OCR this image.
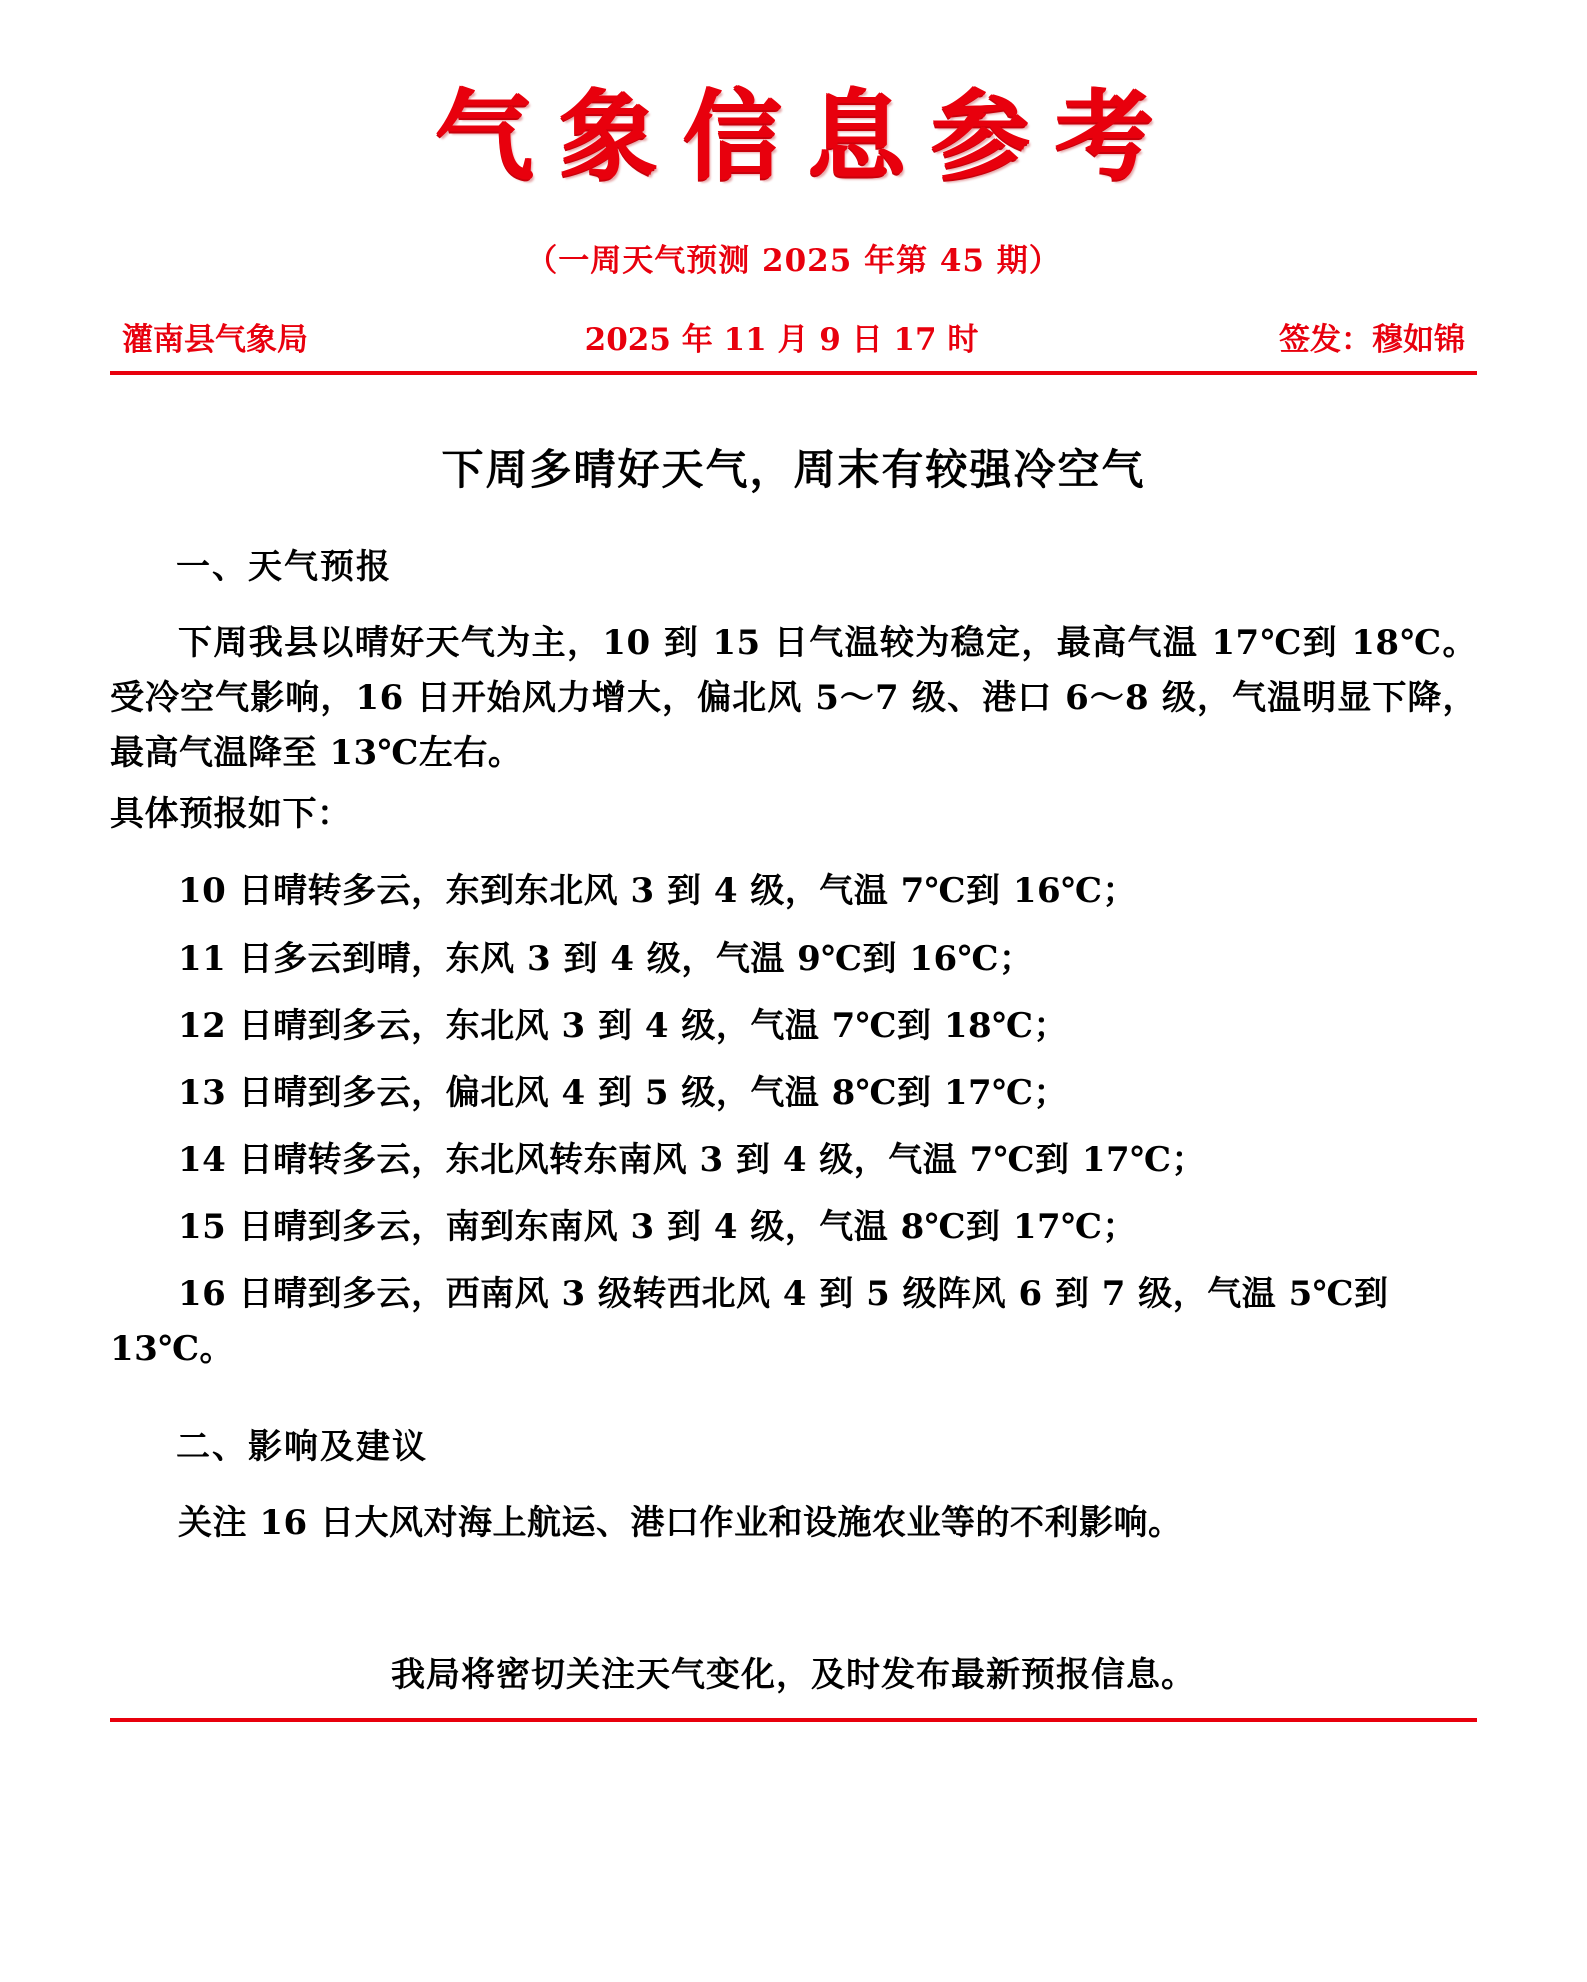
气象信息参考
（一周天气预测 2025 年第 45 期）
灌南县气象局	2025 年 11 月 9 日 17 时	签发：穆如锦
下周多晴好天气，周末有较强冷空气
一、天气预报

下周我县以晴好天气为主，10 到 15 日气温较为稳定，最高气温 17℃到 18℃。受冷空气影响，16 日开始风力增大，偏北风 5～7 级、港口 6～8 级，气温明显下降，最高气温降至 13℃左右。

具体预报如下：

10 日晴转多云，东到东北风 3 到 4 级，气温 7℃到 16℃；
11 日多云到晴，东风 3 到 4 级，气温 9℃到 16℃；
12 日晴到多云，东北风 3 到 4 级，气温 7℃到 18℃；
13 日晴到多云，偏北风 4 到 5 级，气温 8℃到 17℃；
14 日晴转多云，东北风转东南风 3 到 4 级，气温 7℃到 17℃；
15 日晴到多云，南到东南风 3 到 4 级，气温 8℃到 17℃；
16 日晴到多云，西南风 3 级转西北风 4 到 5 级阵风 6 到 7 级，气温 5℃到 13℃。
二、影响及建议

关注 16 日大风对海上航运、港口作业和设施农业等的不利影响。

我局将密切关注天气变化，及时发布最新预报信息。
